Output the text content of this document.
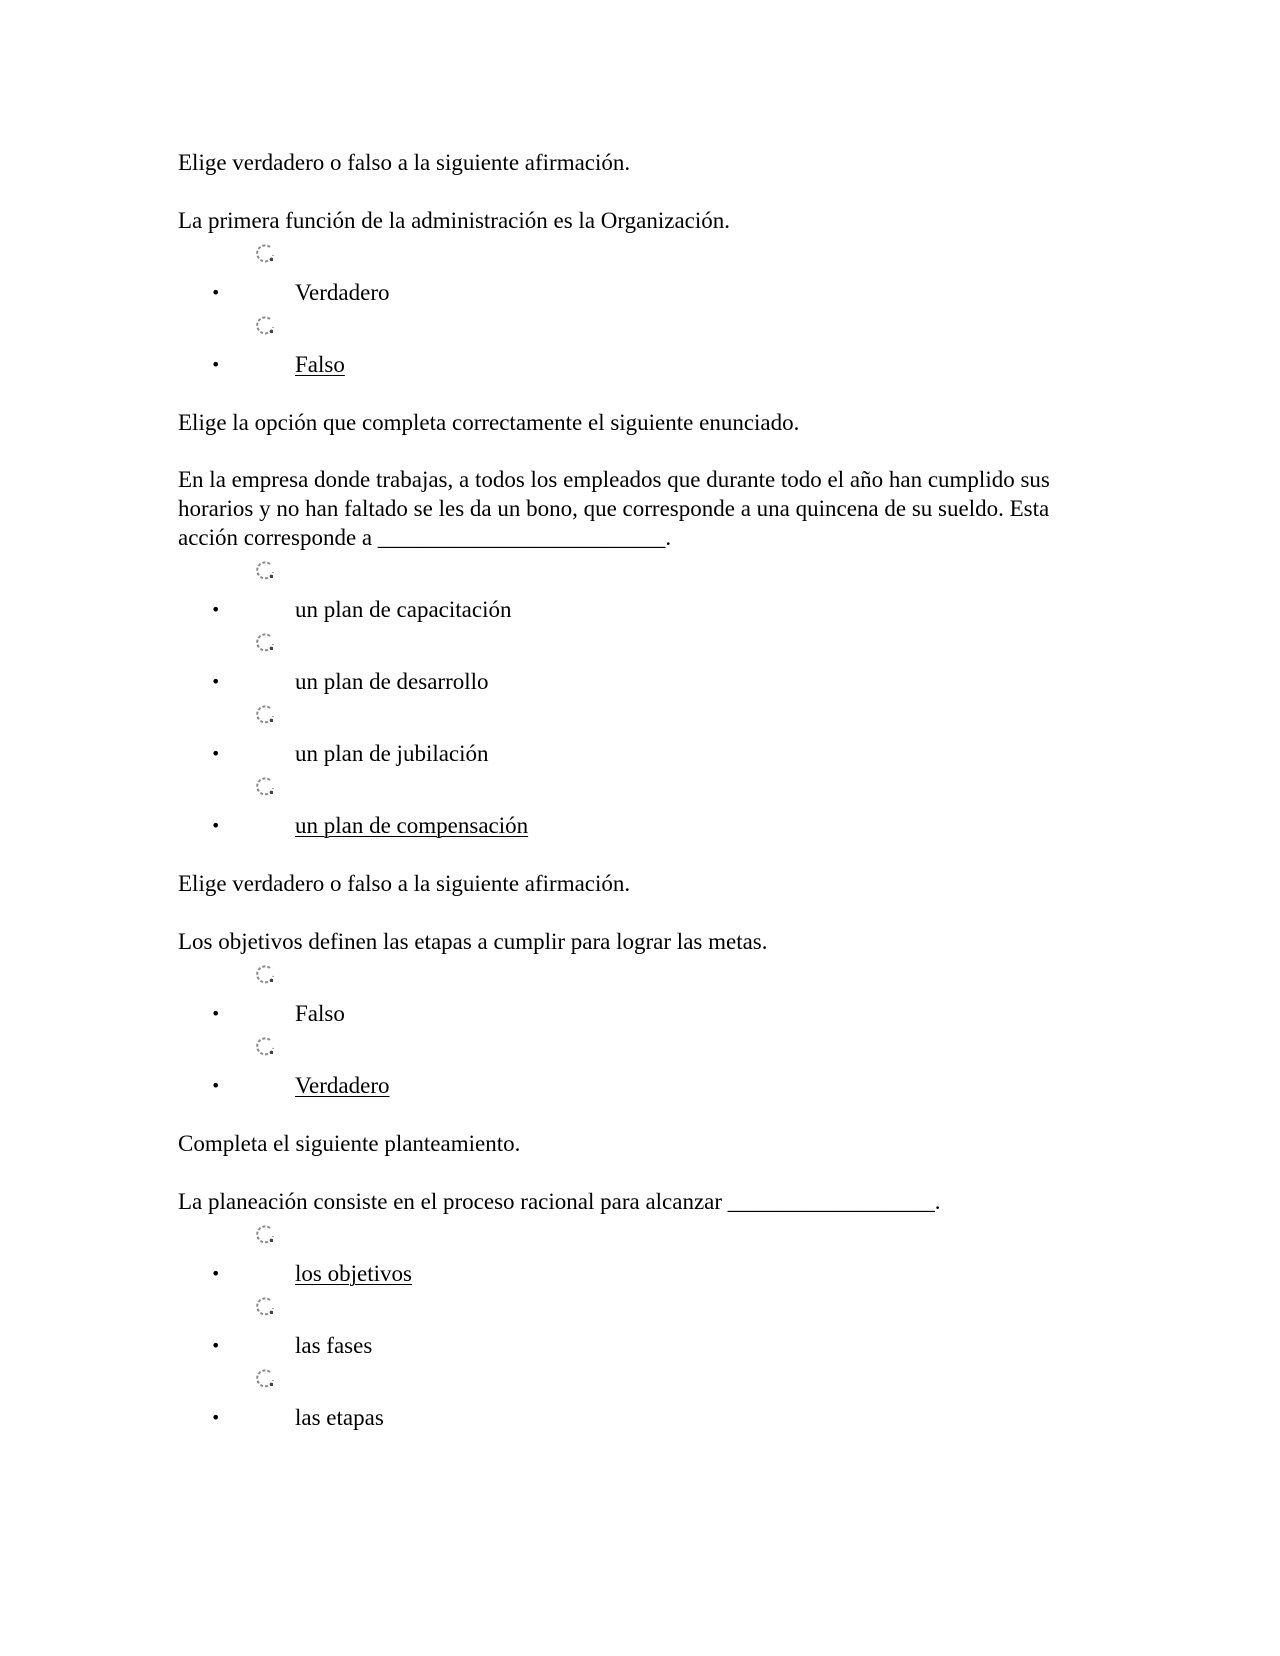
Elige verdadero o falso a la siguiente afirmación.
La primera función de la administración es la Organización.
•	Verdadero
•	Falso
Elige la opción que completa correctamente el siguiente enunciado.
En la empresa donde trabajas, a todos los empleados que durante todo el año han cumplido sus horarios y no han faltado se les da un bono, que corresponde a una quincena de su sueldo. Esta acción corresponde a _________________________.
•	un plan de capacitación
•	un plan de desarrollo
•	un plan de jubilación
•	un plan de compensación
Elige verdadero o falso a la siguiente afirmación.
Los objetivos definen las etapas a cumplir para lograr las metas.
•	Falso
•	Verdadero
Completa el siguiente planteamiento.
La planeación consiste en el proceso racional para alcanzar __________________.
•	los objetivos
•	las fases
•	las etapas
